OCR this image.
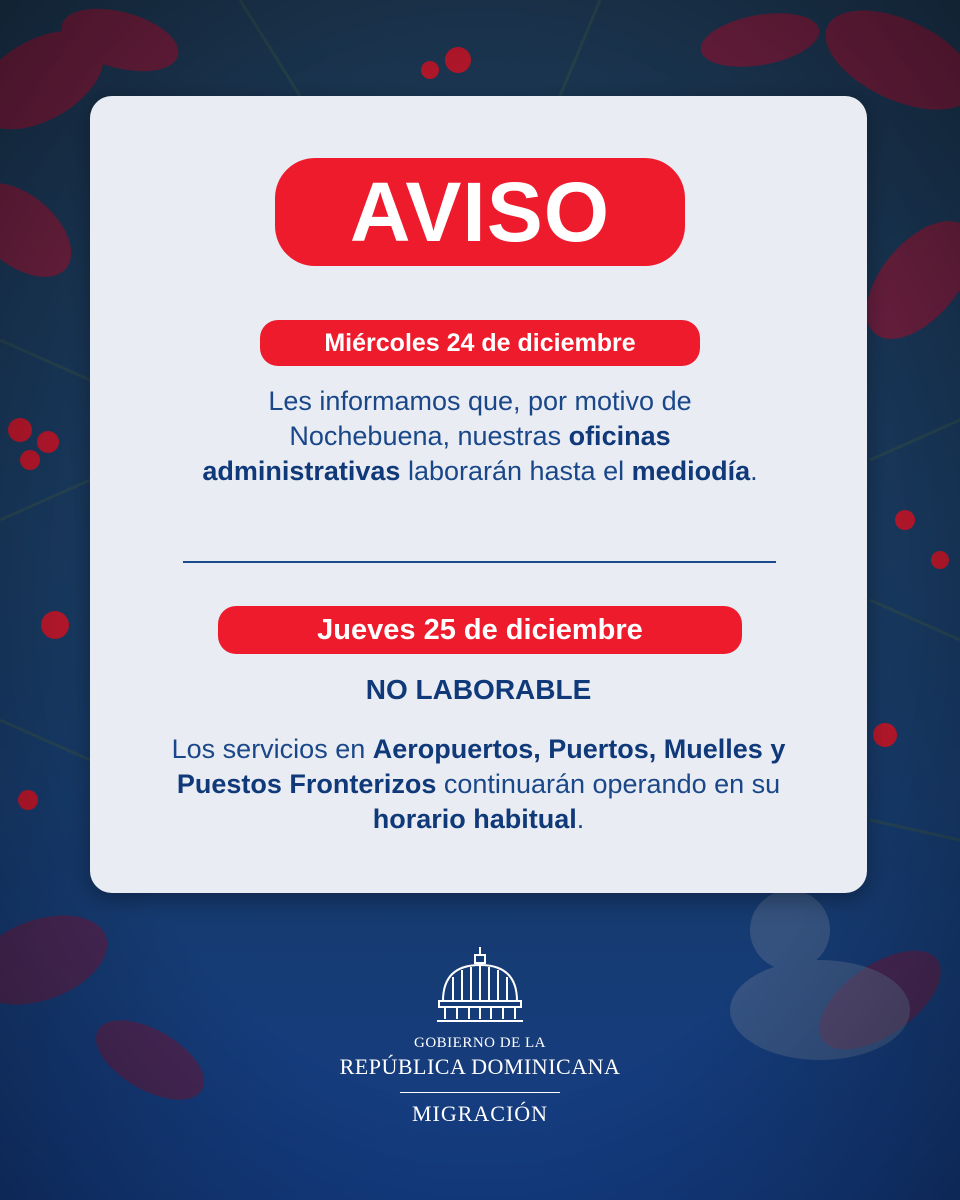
AVISO
Miércoles 24 de diciembre

Les informamos que, por motivo de Nochebuena, nuestras oficinas administrativas laborarán hasta el mediodía.

Jueves 25 de diciembre
NO LABORABLE

Los servicios en Aeropuertos, Puertos, Muelles y Puestos Fronterizos continuarán operando en su horario habitual.

GOBIERNO DE LA
REPÚBLICA DOMINICANA
MIGRACIÓN
